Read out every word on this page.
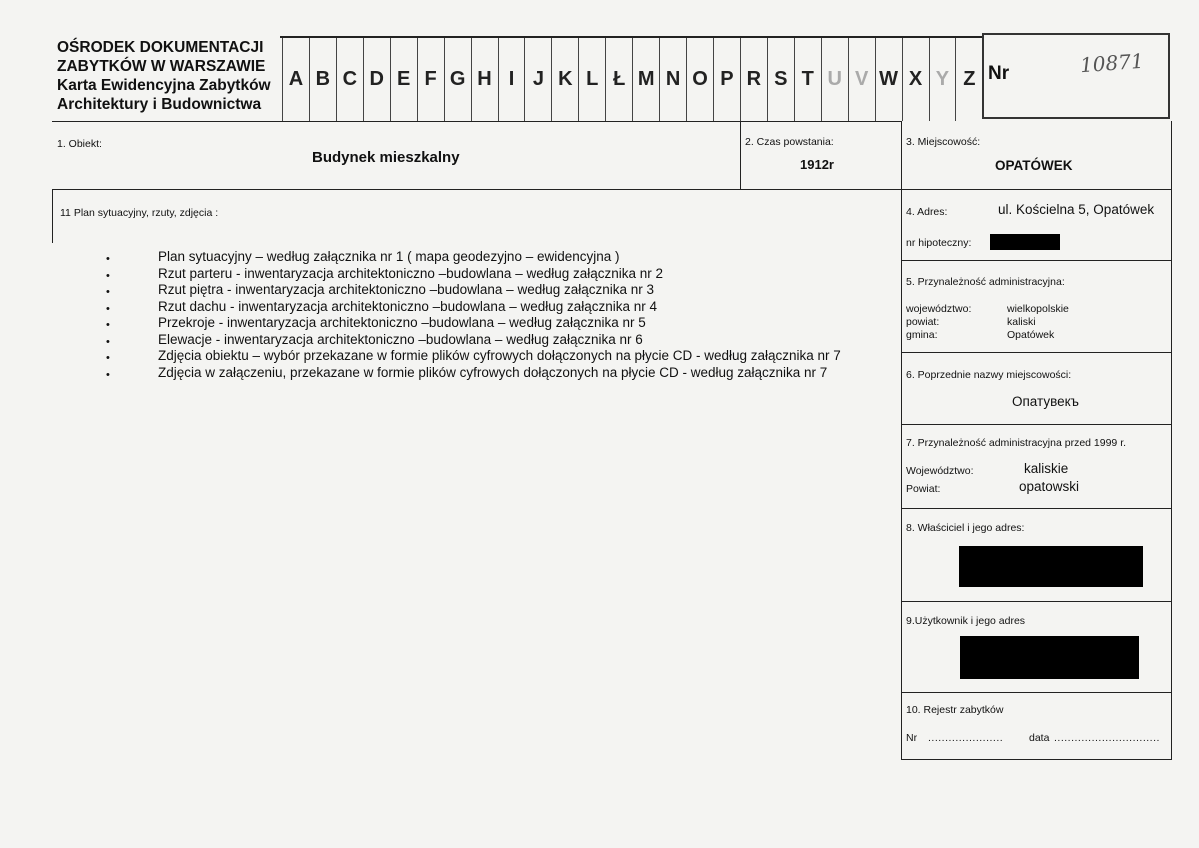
OŚRODEK DOKUMENTACJI
ZABYTKÓW W WARSZAWIE
Karta Ewidencyjna Zabytków
Architektury i Budownictwa
A B C D E F G H I J K L Ł M N O P R S T U V W X Y Z Nr	10871
1. Obiekt:
Budynek mieszkalny
2. Czas powstania:
1912r
3. Miejscowość:
OPATÓWEK
11 Plan sytuacyjny, rzuty, zdjęcia :
• Plan sytuacyjny – według załącznika nr 1 ( mapa geodezyjno – ewidencyjna )
• Rzut parteru - inwentaryzacja architektoniczno –budowlana – według załącznika nr 2
• Rzut piętra - inwentaryzacja architektoniczno –budowlana – według załącznika nr 3
• Rzut dachu - inwentaryzacja architektoniczno –budowlana – według załącznika nr 4
• Przekroje - inwentaryzacja architektoniczno –budowlana – według załącznika nr 5
• Elewacje - inwentaryzacja architektoniczno –budowlana – według załącznika nr 6
• Zdjęcia obiektu – wybór przekazane w formie plików cyfrowych dołączonych na płycie CD - według załącznika nr 7
• Zdjęcia w załączeniu, przekazane w formie plików cyfrowych dołączonych na płycie CD - według załącznika nr 7
4. Adres:	ul. Kościelna 5, Opatówek
nr hipoteczny:
5. Przynależność administracyjna:
województwo:	wielkopolskie
powiat:	kaliski
gmina:	Opatówek
6. Poprzednie nazwy miejscowości:
Опатувекъ
7. Przynależność administracyjna przed 1999 r.
Województwo:	kaliskie
Powiat:	opatowski
8. Właściciel i jego adres:
9.Użytkownik i jego adres
10. Rejestr zabytków
Nr ...................... data ...............................
